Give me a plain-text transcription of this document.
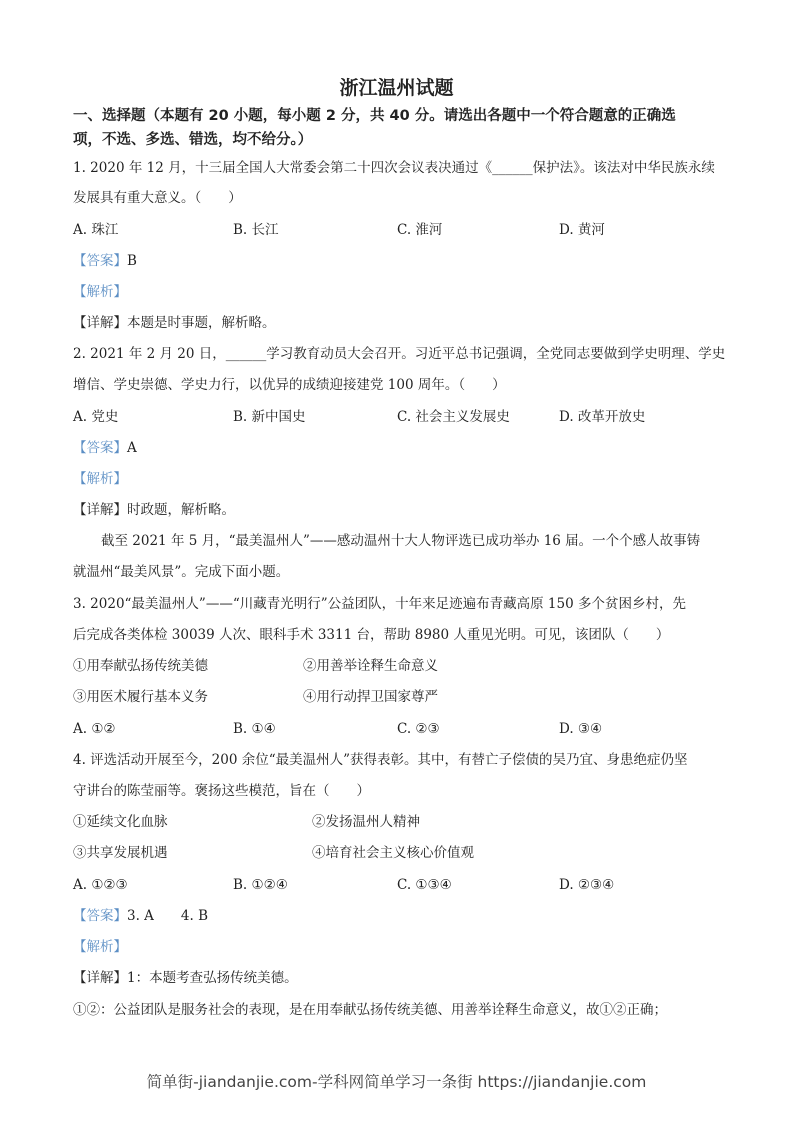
浙江温州试题
一、选择题（本题有 20 小题，每小题 2 分，共 40 分。请选出各题中一个符合题意的正确选
项，不选、多选、错选，均不给分。）
1. 2020 年 12 月，十三届全国人大常委会第二十四次会议表决通过《______保护法》。该法对中华民族永续
发展具有重大意义。（　　）
A. 珠江	B. 长江	C. 淮河	D. 黄河
【答案】B
【解析】
【详解】本题是时事题，解析略。
2. 2021 年 2 月 20 日，______学习教育动员大会召开。习近平总书记强调，全党同志要做到学史明理、学史
增信、学史崇德、学史力行，以优异的成绩迎接建党 100 周年。（　　）
A. 党史	B. 新中国史	C. 社会主义发展史	D. 改革开放史
【答案】A
【解析】
【详解】时政题，解析略。
截至 2021 年 5 月，“最美温州人”——感动温州十大人物评选已成功举办 16 届。一个个感人故事铸
就温州“最美风景”。完成下面小题。
3. 2020“最美温州人”——“川藏青光明行”公益团队，十年来足迹遍布青藏高原 150 多个贫困乡村，先
后完成各类体检 30039 人次、眼科手术 3311 台，帮助 8980 人重见光明。可见，该团队（　　）
①用奉献弘扬传统美德	②用善举诠释生命意义
③用医术履行基本义务	④用行动捍卫国家尊严
A. ①②	B. ①④	C. ②③	D. ③④
4. 评选活动开展至今，200 余位“最美温州人”获得表彰。其中，有替亡子偿债的吴乃宜、身患绝症仍坚
守讲台的陈莹丽等。褒扬这些模范，旨在（　　）
①延续文化血脉	②发扬温州人精神
③共享发展机遇	④培育社会主义核心价值观
A. ①②③	B. ①②④	C. ①③④	D. ②③④
【答案】3. A　　4. B
【解析】
【详解】1：本题考查弘扬传统美德。
①②：公益团队是服务社会的表现，是在用奉献弘扬传统美德、用善举诠释生命意义，故①②正确；
简单街-jiandanjie.com-学科网简单学习一条街 https://jiandanjie.com
